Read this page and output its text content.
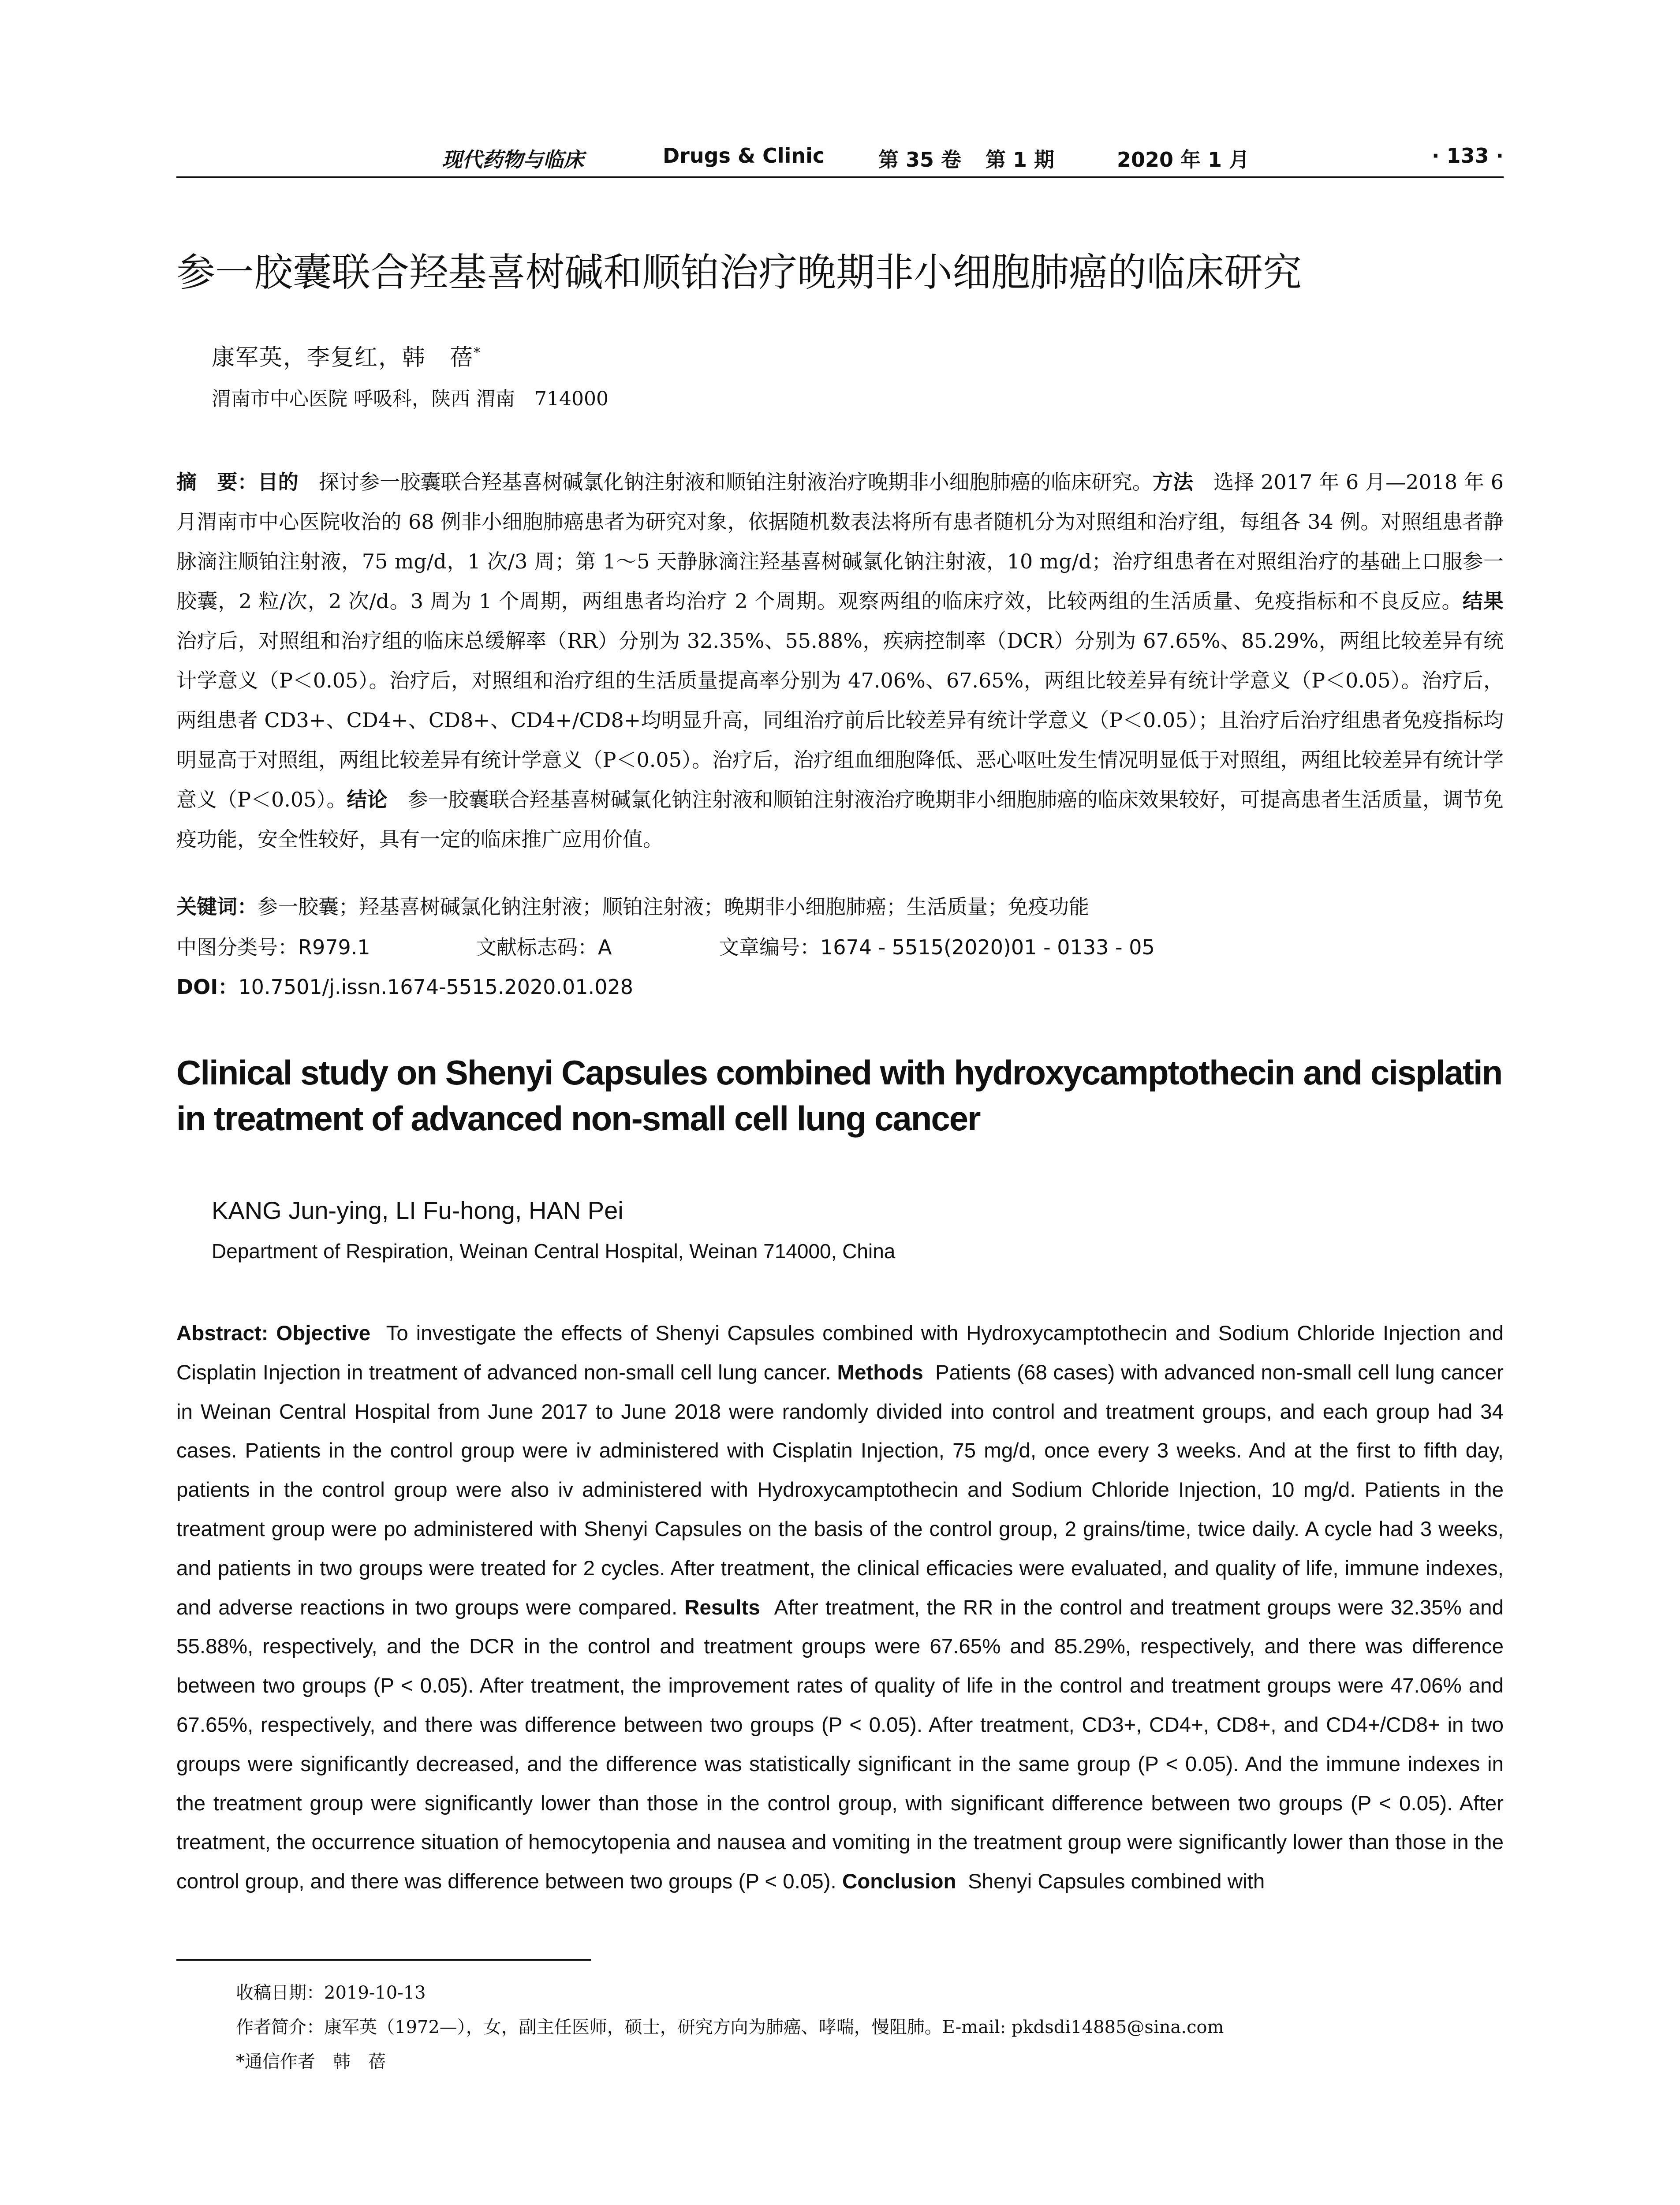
现代药物与临床	Drugs & Clinic	第 35 卷 第 1 期	2020 年 1 月	· 133 ·
参一胶囊联合羟基喜树碱和顺铂治疗晚期非小细胞肺癌的临床研究
康军英，李复红，韩　蓓*
渭南市中心医院 呼吸科，陕西 渭南　714000

摘　要：目的　 探讨参一胶囊联合羟基喜树碱氯化钠注射液和顺铂注射液治疗晚期非小细胞肺癌的临床研究。方法　 选择 2017 年 6 月—2018 年 6 月渭南市中心医院收治的 68 例非小细胞肺癌患者为研究对象，依据随机数表法将所有患者随机分为对照组和治疗组，每组各 34 例。对照组患者静脉滴注顺铂注射液，75 mg/d，1 次/3 周；第 1～5 天静脉滴注羟基喜树碱氯化钠注射液，10 mg/d；治疗组患者在对照组治疗的基础上口服参一胶囊，2 粒/次，2 次/d。3 周为 1 个周期，两组患者均治疗 2 个周期。观察两组的临床疗效，比较两组的生活质量、免疫指标和不良反应。结果　治疗后，对照组和治疗组的临床总缓解率（RR）分别为 32.35%、55.88%，疾病控制率（DCR）分别为 67.65%、85.29%，两组比较差异有统计学意义（P＜0.05）。治疗后，对照组和治疗组的生活质量提高率分别为 47.06%、67.65%，两组比较差异有统计学意义（P＜0.05）。治疗后，两组患者 CD3+、CD4+、CD8+、CD4+/CD8+均明显升高，同组治疗前后比较差异有统计学意义（P＜0.05）；且治疗后治疗组患者免疫指标均明显高于对照组，两组比较差异有统计学意义（P＜0.05）。治疗后，治疗组血细胞降低、恶心呕吐发生情况明显低于对照组，两组比较差异有统计学意义（P＜0.05）。结论　 参一胶囊联合羟基喜树碱氯化钠注射液和顺铂注射液治疗晚期非小细胞肺癌的临床效果较好，可提高患者生活质量，调节免疫功能，安全性较好，具有一定的临床推广应用价值。

关键词：参一胶囊；羟基喜树碱氯化钠注射液；顺铂注射液；晚期非小细胞肺癌；生活质量；免疫功能
中图分类号：R979.1	文献标志码：A	文章编号：1674 - 5515(2020)01 - 0133 - 05
DOI：10.7501/j.issn.1674-5515.2020.01.028
Clinical study on Shenyi Capsules combined with hydroxycamptothecin and cisplatin in treatment of advanced non-small cell lung cancer
KANG Jun-ying, LI Fu-hong, HAN Pei
Department of Respiration, Weinan Central Hospital, Weinan 714000, China

Abstract: Objective To investigate the effects of Shenyi Capsules combined with Hydroxycamptothecin and Sodium Chloride Injection and Cisplatin Injection in treatment of advanced non-small cell lung cancer. Methods Patients (68 cases) with advanced non-small cell lung cancer in Weinan Central Hospital from June 2017 to June 2018 were randomly divided into control and treatment groups, and each group had 34 cases. Patients in the control group were iv administered with Cisplatin Injection, 75 mg/d, once every 3 weeks. And at the first to fifth day, patients in the control group were also iv administered with Hydroxycamptothecin and Sodium Chloride Injection, 10 mg/d. Patients in the treatment group were po administered with Shenyi Capsules on the basis of the control group, 2 grains/time, twice daily. A cycle had 3 weeks, and patients in two groups were treated for 2 cycles. After treatment, the clinical efficacies were evaluated, and quality of life, immune indexes, and adverse reactions in two groups were compared. Results After treatment, the RR in the control and treatment groups were 32.35% and 55.88%, respectively, and the DCR in the control and treatment groups were 67.65% and 85.29%, respectively, and there was difference between two groups (P < 0.05). After treatment, the improvement rates of quality of life in the control and treatment groups were 47.06% and 67.65%, respectively, and there was difference between two groups (P < 0.05). After treatment, CD3+, CD4+, CD8+, and CD4+/CD8+ in two groups were significantly decreased, and the difference was statistically significant in the same group (P < 0.05). And the immune indexes in the treatment group were significantly lower than those in the control group, with significant difference between two groups (P < 0.05). After treatment, the occurrence situation of hemocytopenia and nausea and vomiting in the treatment group were significantly lower than those in the control group, and there was difference between two groups (P < 0.05). Conclusion Shenyi Capsules combined with

收稿日期：2019-10-13
作者简介：康军英（1972—），女，副主任医师，硕士，研究方向为肺癌、哮喘，慢阻肺。E-mail: pkdsdi14885@sina.com
*通信作者　韩　蓓
